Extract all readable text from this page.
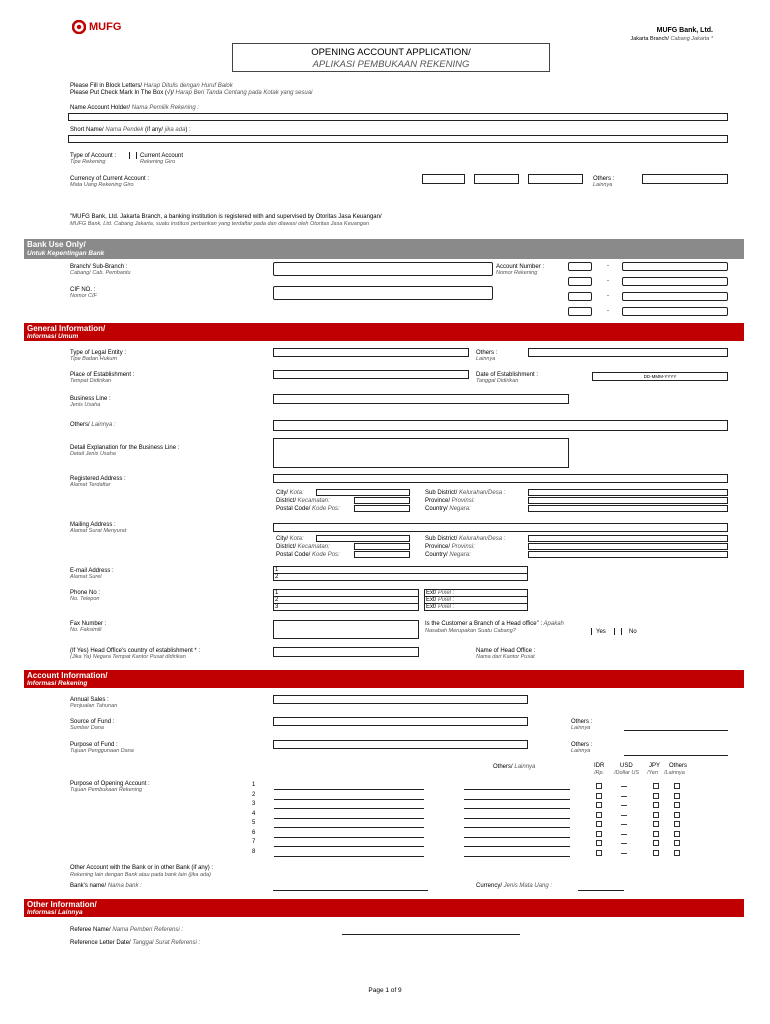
MUFG	MUFG Bank, Ltd.
Jakarta Branch/ Cabang Jakarta *
OPENING ACCOUNT APPLICATION/
APLIKASI PEMBUKAAN REKENING
Please Fill in Block Letters/ Harap Ditulis dengan Huruf Balok
Please Put Check Mark In The Box (√)/ Harap Beri Tanda Centang pada Kotak yang sesuai
Name Account Holder/ Nama Pemilik Rekening :
Short Name/ Nama Pendek (if any/ jika ada) :
Type of Account :
Tipe Rekening
Current Account
Rekening Giro
Currency of Current Account :
Mata Uang Rekening Giro
Others :
Lainnya
"MUFG Bank, Ltd. Jakarta Branch, a banking institution is registered with and supervised by Otoritas Jasa Keuangan/
MUFG Bank, Ltd. Cabang Jakarta, suatu institusi perbankan yang terdaftar pada dan diawasi oleh Otoritas Jasa Keuangan
Bank Use Only/
Untuk Kepentingan Bank
Branch/ Sub-Branch :
Cabang/ Cab. Pembantu
CIF NO. :
Nomor CIF
Account Number :
Nomor Rekening
-
-
-
-
General Information/
Informasi Umum
Type of Legal Entity :
Tipe Badan Hukum
Others :
Lainnya
Place of Establishment :
Tempat Didirikan
Date of Establishment :
Tanggal Didirikan
DD-MMM-YYYY
Business Line :
Jenis Usaha
Others/ Lainnya :
Detail Explanation for the Business Line :
Detail Jenis Usaha
Registered Address :
Alamat Terdaftar
City/ Kota:
District/ Kecamatan:
Postal Code/ Kode Pos:
Sub District/ Kelurahan/Desa :
Province/ Provinsi:
Country/ Negara:
Mailing Address :
Alamat Surat Menyurat
City/ Kota:
District/ Kecamatan:
Postal Code/ Kode Pos:
Sub District/ Kelurahan/Desa :
Province/ Provinsi:
Country/ Negara:
E-mail Address :
Alamat Surel
1
2
Phone No :
No. Telepon
1
2
3
Ext/ Pixel :
Ext/ Pixel :
Ext/ Pixel :
Fax Number :
No. Faksimili
Is the Customer a Branch of a Head office" : Apakah
Nasabah Merupakan Suatu Cabang?	Yes	No
(If Yes) Head Office's country of establishment * :
(Jika Ya) Negara Tempat Kantor Pusat didirikan
Name of Head Office :
Nama dari Kantor Pusat
Account Information/
Informasi Rekening
Annual Sales :
Penjualan Tahunan
Source of Fund :
Sumber Dana
Others :
Lainnya
Purpose of Fund :
Tujuan Penggunaan Dana
Others :
Lainnya
Others/ Lainnya	IDR
/Rp.
USD
/Dollar US
JPY
/Yen
Others
/Lainnya
Purpose of Opening Account :
Tujuan Pembukaan Rekening
1
2
3
4
5
6
7
8
Other Account with the Bank or in other Bank (if any) :
Rekening lain dengan Bank atau pada bank lain (jika ada)
Bank's name/ Nama bank :	Currency/ Jenis Mata Uang :
Other Information/
Informasi Lainnya
Referee Name/ Nama Pemberi Referensi :
Reference Letter Date/ Tanggal Surat Referensi :
Page 1 of 9
